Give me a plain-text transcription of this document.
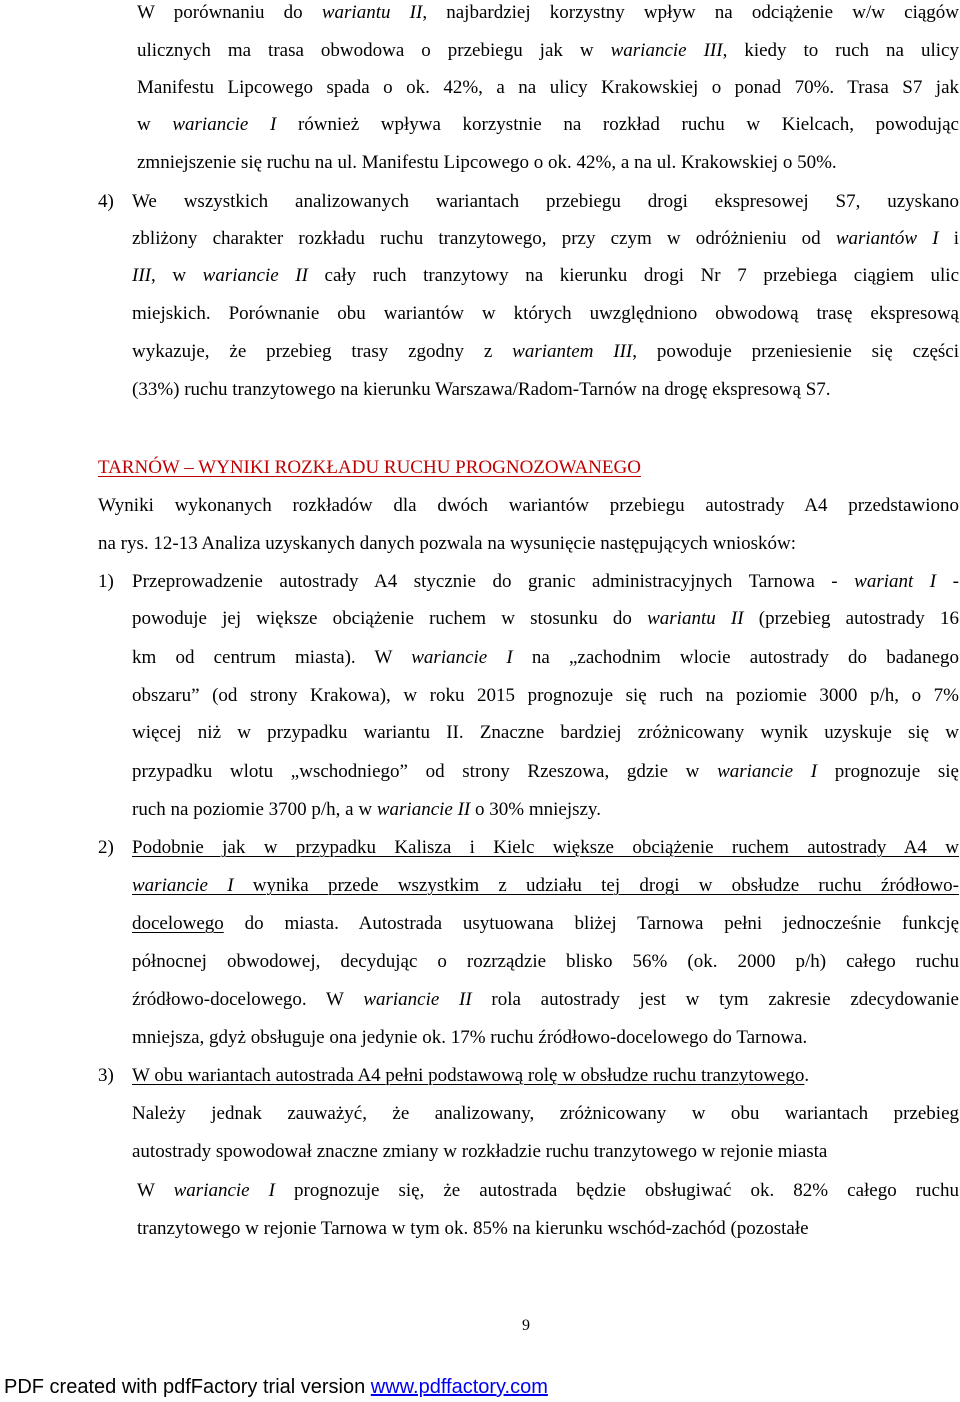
W porównaniu do wariantu II, najbardziej korzystny wpływ na odciążenie w/w ciągów
ulicznych ma trasa obwodowa o przebiegu jak w wariancie III, kiedy to ruch na ulicy
Manifestu Lipcowego spada o ok. 42%, a na ulicy Krakowskiej o ponad 70%. Trasa S7 jak
w wariancie I również wpływa korzystnie na rozkład ruchu w Kielcach, powodując
zmniejszenie się ruchu na ul. Manifestu Lipcowego o ok. 42%, a na ul. Krakowskiej o 50%.
4) We wszystkich analizowanych wariantach przebiegu drogi ekspresowej S7, uzyskano
zbliżony charakter rozkładu ruchu tranzytowego, przy czym w odróżnieniu od wariantów I i
III, w wariancie II cały ruch tranzytowy na kierunku drogi Nr 7 przebiega ciągiem ulic
miejskich. Porównanie obu wariantów w których uwzględniono obwodową trasę ekspresową
wykazuje, że przebieg trasy zgodny z wariantem III, powoduje przeniesienie się części
(33%) ruchu tranzytowego na kierunku Warszawa/Radom-Tarnów na drogę ekspresową S7.
TARNÓW – WYNIKI ROZKŁADU RUCHU PROGNOZOWANEGO
Wyniki wykonanych rozkładów dla dwóch wariantów przebiegu autostrady A4 przedstawiono
na rys. 12-13 Analiza uzyskanych danych pozwala na wysunięcie następujących wniosków:
1) Przeprowadzenie autostrady A4 stycznie do granic administracyjnych Tarnowa - wariant I -
powoduje jej większe obciążenie ruchem w stosunku do wariantu II (przebieg autostrady 16
km od centrum miasta). W wariancie I na „zachodnim wlocie autostrady do badanego
obszaru” (od strony Krakowa), w roku 2015 prognozuje się ruch na poziomie 3000 p/h, o 7%
więcej niż w przypadku wariantu II. Znaczne bardziej zróżnicowany wynik uzyskuje się w
przypadku wlotu „wschodniego” od strony Rzeszowa, gdzie w wariancie I prognozuje się
ruch na poziomie 3700 p/h, a w wariancie II o 30% mniejszy.
2) Podobnie jak w przypadku Kalisza i Kielc większe obciążenie ruchem autostrady A4 w
wariancie I wynika przede wszystkim z udziału tej drogi w obsłudze ruchu źródłowo-
docelowego do miasta. Autostrada usytuowana bliżej Tarnowa pełni jednocześnie funkcję
północnej obwodowej, decydując o rozrządzie blisko 56% (ok. 2000 p/h) całego ruchu
źródłowo-docelowego. W wariancie II rola autostrady jest w tym zakresie zdecydowanie
mniejsza, gdyż obsługuje ona jedynie ok. 17% ruchu źródłowo-docelowego do Tarnowa.
3) W obu wariantach autostrada A4 pełni podstawową rolę w obsłudze ruchu tranzytowego.
Należy jednak zauważyć, że analizowany, zróżnicowany w obu wariantach przebieg
autostrady spowodował znaczne zmiany w rozkładzie ruchu tranzytowego w rejonie miasta
W wariancie I prognozuje się, że autostrada będzie obsługiwać ok. 82% całego ruchu
tranzytowego w rejonie Tarnowa w tym ok. 85% na kierunku wschód-zachód (pozostałe
9
PDF created with pdfFactory trial version www.pdffactory.com
